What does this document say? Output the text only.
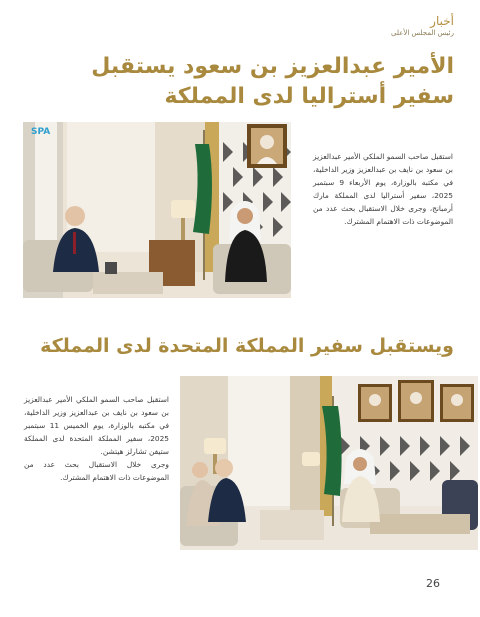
أخبار
رئيس المجلس الأعلى
الأمير عبدالعزيز بن سعود يستقبل سفير أستراليا لدى المملكة
SPA

استقبل صاحب السمو الملكي الأمير عبدالعزيز بن سعود بن نايف بن عبدالعزيز وزير الداخلية، في مكتبه بالوزارة، يوم الأربعاء 9 سبتمبر 2025، سفير أستراليا لدى المملكة مارك أرمبانج، وجرى خلال الاستقبال بحث عدد من الموضوعات ذات الاهتمام المشترك.

ويستقبل سفير المملكة المتحدة لدى المملكة

استقبل صاحب السمو الملكي الأمير عبدالعزيز بن سعود بن نايف بن عبدالعزيز وزير الداخلية، في مكتبه بالوزارة، يوم الخميس 11 سبتمبر 2025، سفير المملكة المتحدة لدى المملكة ستيفن تشارلز هيتشن.
وجرى خلال الاستقبال بحث عدد من الموضوعات ذات الاهتمام المشترك.

26
